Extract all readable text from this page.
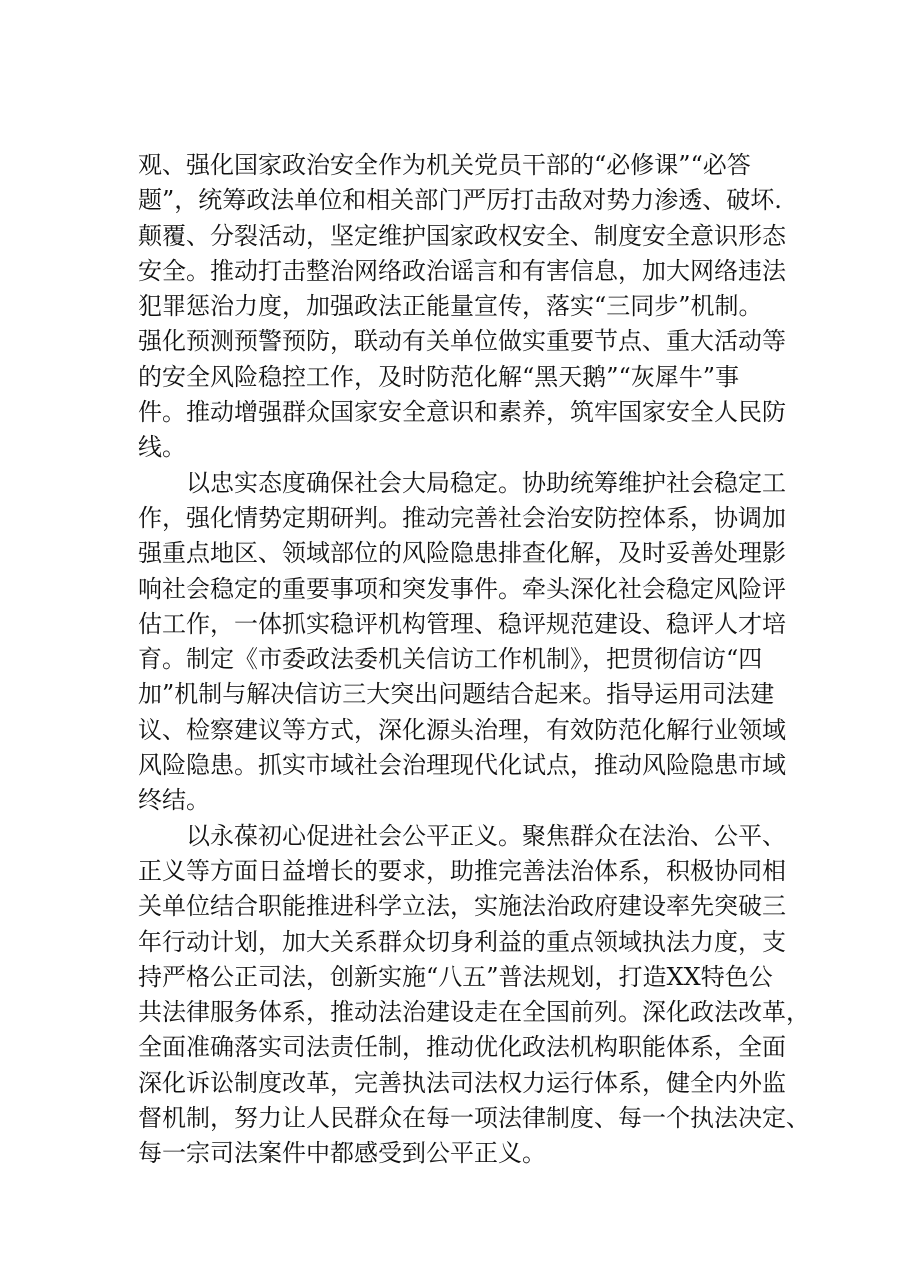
观、强化国家政治安全作为机关党员干部的“必修课”“必答
题”，统筹政法单位和相关部门严厉打击敌对势力渗透、破坏.
颠覆、分裂活动，坚定维护国家政权安全、制度安全意识形态
安全。推动打击整治网络政治谣言和有害信息，加大网络违法
犯罪惩治力度，加强政法正能量宣传，落实“三同步”机制。
强化预测预警预防，联动有关单位做实重要节点、重大活动等
的安全风险稳控工作，及时防范化解“黑天鹅”“灰犀牛”事
件。推动增强群众国家安全意识和素养，筑牢国家安全人民防
线。
　　以忠实态度确保社会大局稳定。协助统筹维护社会稳定工
作，强化情势定期研判。推动完善社会治安防控体系，协调加
强重点地区、领域部位的风险隐患排查化解，及时妥善处理影
响社会稳定的重要事项和突发事件。牵头深化社会稳定风险评
估工作，一体抓实稳评机构管理、稳评规范建设、稳评人才培
育。制定《市委政法委机关信访工作机制》，把贯彻信访“四
加”机制与解决信访三大突出问题结合起来。指导运用司法建
议、检察建议等方式，深化源头治理，有效防范化解行业领域
风险隐患。抓实市域社会治理现代化试点，推动风险隐患市域
终结。
　　以永葆初心促进社会公平正义。聚焦群众在法治、公平、
正义等方面日益增长的要求，助推完善法治体系，积极协同相
关单位结合职能推进科学立法，实施法治政府建设率先突破三
年行动计划，加大关系群众切身利益的重点领域执法力度，支
持严格公正司法，创新实施“八五”普法规划，打造XX特色公
共法律服务体系，推动法治建设走在全国前列。深化政法改革，
全面准确落实司法责任制，推动优化政法机构职能体系，全面
深化诉讼制度改革，完善执法司法权力运行体系，健全内外监
督机制，努力让人民群众在每一项法律制度、每一个执法决定、
每一宗司法案件中都感受到公平正义。
